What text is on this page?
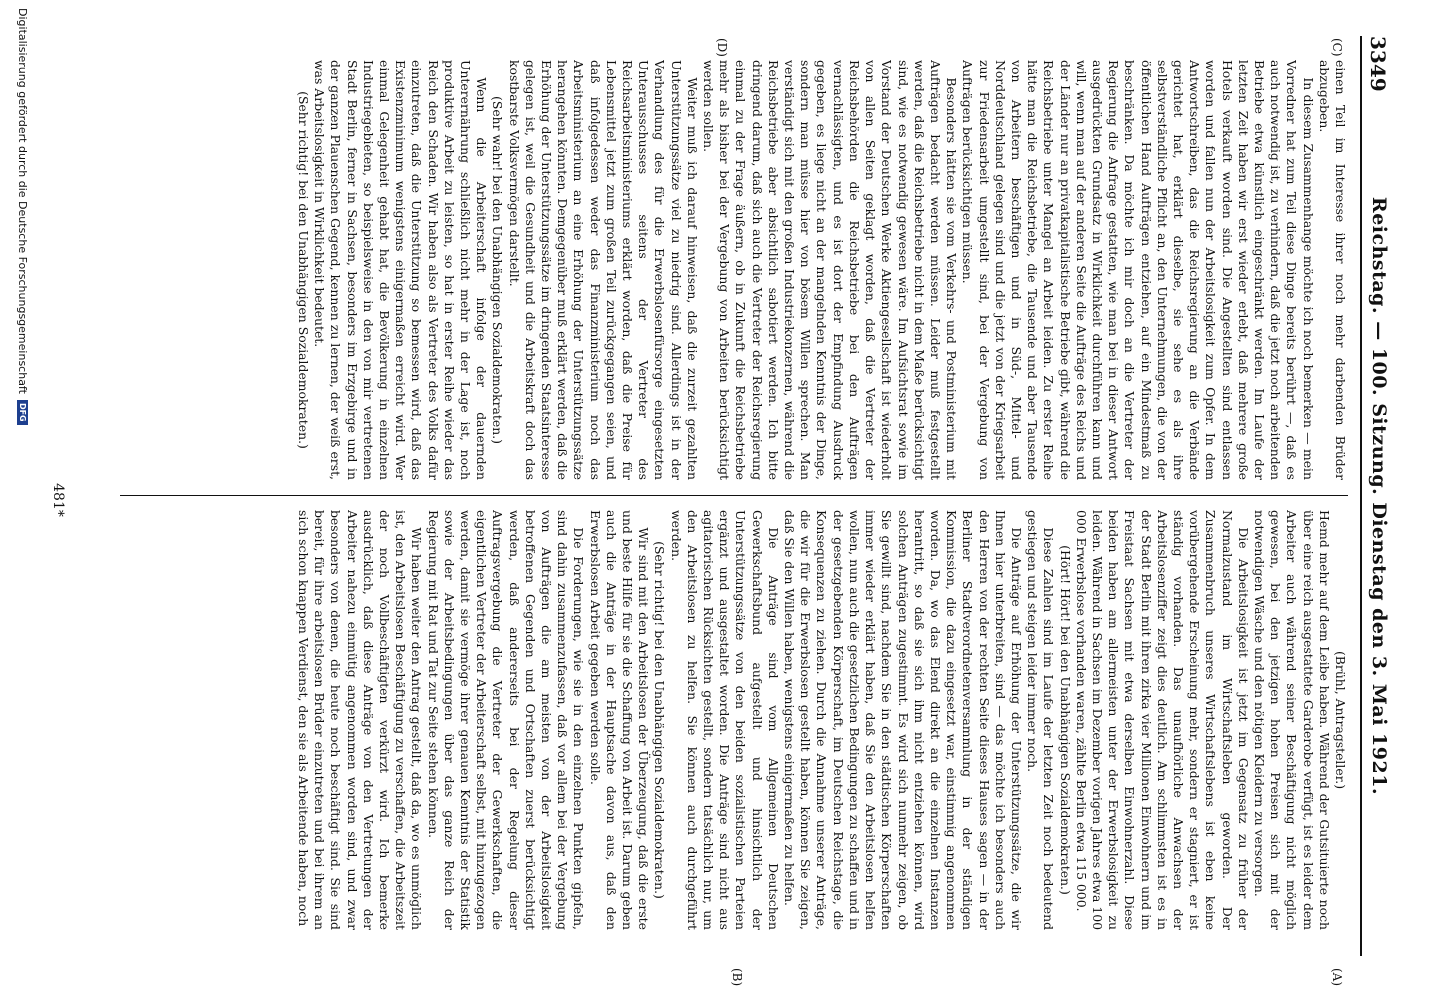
3349
Reichstag. — 100. Sitzung. Dienstag den 3. Mai 1921.
(C)
(D)
(A)
(B)

einen Teil im Interesse ihrer noch mehr darbenden Brüder abzugeben.

In diesem Zusammenhange möchte ich noch bemerken — mein Vorredner hat zum Teil diese Dinge bereits berührt —, daß es auch notwendig ist, zu verhindern, daß die jetzt noch arbeitenden Betriebe etwa künstlich eingeschränkt werden. Im Laufe der letzten Zeit haben wir erst wieder erlebt, daß mehrere große Hotels verkauft worden sind. Die Angestellten sind entlassen worden und fallen nun der Arbeitslosigkeit zum Opfer. In dem Antwortschreiben, das die Reichsregierung an die Verbände gerichtet hat, erklärt dieselbe, sie sehe es als ihre selbstverständliche Pflicht an, den Unternehmungen, die von der öffentlichen Hand Aufträgen entziehen, auf ein Mindestmaß zu beschränken. Da möchte ich mir doch an die Vertreter der Regierung die Anfrage gestatten, wie man bei in dieser Antwort ausgedrückten Grundsatz in Wirklichkeit durchführen kann und will, wenn man auf der anderen Seite die Aufträge des Reichs und der Länder nur an privatkapitalistische Betriebe gibt, während die Reichsbetriebe unter Mangel an Arbeit leiden. Zu erster Reihe hätte man die Reichsbetriebe, die Tausende und aber Tausende von Arbeitern beschäftigen und in Süd-, Mittel- und Norddeutschland gelegen sind und die jetzt von der Kriegsarbeit zur Friedensarbeit umgestellt sind, bei der Vergebung von Aufträgen berücksichtigen müssen.

Besonders hätten sie vom Verkehrs- und Postministerium mit Aufträgen bedacht werden müssen. Leider muß festgestellt werden, daß die Reichsbetriebe nicht in dem Maße berücksichtigt sind, wie es notwendig gewesen wäre. Im Aufsichtsrat sowie im Vorstand der Deutschen Werke Aktiengesellschaft ist wiederholt von allen Seiten geklagt worden, daß die Vertreter der Reichsbehörden die Reichsbetriebe bei den Aufträgen vernachlässigten, und es ist dort der Empfindung Ausdruck gegeben, es liege nicht an der mangelnden Kenntnis der Dinge, sondern man müsse hier von bösem Willen sprechen. Man verständigt sich mit den großen Industriekonzernen, während die Reichsbetriebe aber absichtlich sabotiert werden. Ich bitte dringend darum, daß sich auch die Vertreter der Reichsregierung einmal zu der Frage äußern, ob in Zukunft die Reichsbetriebe mehr als bisher bei der Vergebung von Arbeiten berücksichtigt werden sollen.

Weiter muß ich darauf hinweisen, daß die zurzeit gezahlten Unterstützungssätze viel zu niedrig sind. Allerdings ist in der Verhandlung des für die Erwerbslosenfürsorge eingesetzten Unterausschusses seitens der Vertreter des Reichsarbeitsministeriums erklärt worden, daß die Preise für Lebensmittel jetzt zum großen Teil zurückgegangen seien, und daß infolgedessen weder das Finanzministerium noch das Arbeitsministerium an eine Erhöhung der Unterstützungssätze herangehen könnten. Demgegenüber muß erklärt werden, daß die Erhöhung der Unterstützungssätze im dringenden Staatsinteresse gelegen ist, weil die Gesundheit und die Arbeitskraft doch das kostbarste Volksvermögen darstellt.

(Sehr wahr! bei den Unabhängigen Sozialdemokraten.)

Wenn die Arbeiterschaft infolge der dauernden Unterernährung schließlich nicht mehr in der Lage ist, noch produktive Arbeit zu leisten, so hat in erster Reihe wieder das Reich den Schaden. Wir haben also als Vertreter des Volks dafür einzutreten, daß die Unterstützung so bemessen wird, daß das Existenzminimum wenigstens einigermaßen erreicht wird. Wer einmal Gelegenheit gehabt hat, die Bevölkerung in einzelnen Industriegebieten, so beispielsweise in den von mir vertretenen Stadt Berlin, ferner in Sachsen, besonders im Erzgebirge und in der ganzen Plauenschen Gegend, kennen zu lernen, der weiß erst, was Arbeitslosigkeit in Wirklichkeit bedeutet.

(Sehr richtig! bei den Unabhängigen Sozialdemokraten.)

(Brühl, Antragsteller.)

Hemd mehr auf dem Leibe haben. Während der Gutsituierte noch über eine reich ausgestattete Garderobe verfügt, ist es leider dem Arbeiter auch während seiner Beschäftigung nicht möglich gewesen, bei den jetzigen hohen Preisen sich mit der notwendigen Wäsche und den nötigen Kleidern zu versorgen.

Die Arbeitslosigkeit ist jetzt im Gegensatz zu früher der Normalzustand im Wirtschaftsleben geworden. Der Zusammenbruch unseres Wirtschaftslebens ist eben keine vorübergehende Erscheinung mehr, sondern er stagniert, er ist ständig vorhanden. Das unaufhörliche Anwachsen der Arbeitslosenziffer zeigt dies deutlich. Am schlimmsten ist es in der Stadt Berlin mit ihren zirka vier Millionen Einwohnern und im Freistaat Sachsen mit etwa derselben Einwohnerzahl. Diese beiden haben am allermeisten unter der Erwerbslosigkeit zu leiden. Während in Sachsen im Dezember vorigen Jahres etwa 100 000 Erwerbslose vorhanden waren, zählte Berlin etwa 115 000.

(Hört! Hört! bei den Unabhängigen Sozialdemokraten.)

Diese Zahlen sind im Laufe der letzten Zeit noch bedeutend gestiegen und steigen leider immer noch.

Die Anträge auf Erhöhung der Unterstützungssätze, die wir Ihnen hier unterbreiten, sind — das möchte ich besonders auch den Herren von der rechten Seite dieses Hauses sagen — in der Berliner Stadtverordnetenversammlung in der ständigen Kommission, die dazu eingesetzt war, einstimmig angenommen worden. Da, wo das Elend direkt an die einzelnen Instanzen herantritt, so daß sie sich ihm nicht entziehen können, wird solchen Anträgen zugestimmt. Es wird sich nunmehr zeigen, ob Sie gewillt sind, nachdem Sie in den städtischen Körperschaften immer wieder erklärt haben, daß Sie den Arbeitslosen helfen wollen, nun auch die gesetzlichen Bedingungen zu schaffen und in der gesetzgebenden Körperschaft, im Deutschen Reichstage, die Konsequenzen zu ziehen. Durch die Annahme unserer Anträge, die wir für die Erwerbslosen gestellt haben, können Sie zeigen, daß Sie den Willen haben, wenigstens einigermaßen zu helfen.

Die Anträge sind vom Allgemeinen Deutschen Gewerkschaftsbund aufgestellt und hinsichtlich der Unterstützungssätze von den beiden sozialistischen Parteien ergänzt und ausgestaltet worden. Die Anträge sind nicht aus agitatorischen Rücksichten gestellt, sondern tatsächlich nur, um den Arbeitslosen zu helfen. Sie können auch durchgeführt werden.

(Sehr richtig! bei den Unabhängigen Sozialdemokraten.)

Wir sind mit den Arbeitslosen der Überzeugung, daß die erste und beste Hilfe für sie die Schaffung von Arbeit ist. Darum geben auch die Anträge in der Hauptsache davon aus, daß den Erwerbslosen Arbeit gegeben werden solle.

Die Forderungen, wie sie in den einzelnen Punkten gipfeln, sind dahin zusammenzufassen, daß vor allem bei der Vergebung von Aufträgen die am meisten von der Arbeitslosigkeit betroffenen Gegenden und Ortschaften zuerst berücksichtigt werden, daß andererseits bei der Regelung dieser Auftragsvergebung die Vertreter der Gewerkschaften, die eigentlichen Vertreter der Arbeiterschaft selbst, mit hinzugezogen werden, damit sie vermöge ihrer genauen Kenntnis der Statistik sowie der Arbeitsbedingungen über das ganze Reich der Regierung mit Rat und Tat zur Seite stehen können.

Wir haben weiter den Antrag gestellt, daß da, wo es unmöglich ist, den Arbeitslosen Beschäftigung zu verschaffen, die Arbeitszeit der noch Vollbeschäftigten verkürzt wird. Ich bemerke ausdrücklich, daß diese Anträge von den Vertretungen der Arbeiter nahezu einmütig angenommen worden sind, und zwar besonders von denen, die heute noch beschäftigt sind. Sie sind bereit, für ihre arbeitslosen Brüder einzutreten und bei ihrem an sich schon knappen Verdienst, den sie als Arbeitende haben, noch

481*
Digitalisierung gefördert durch die Deutsche Forschungsgemeinschaft
DFG
